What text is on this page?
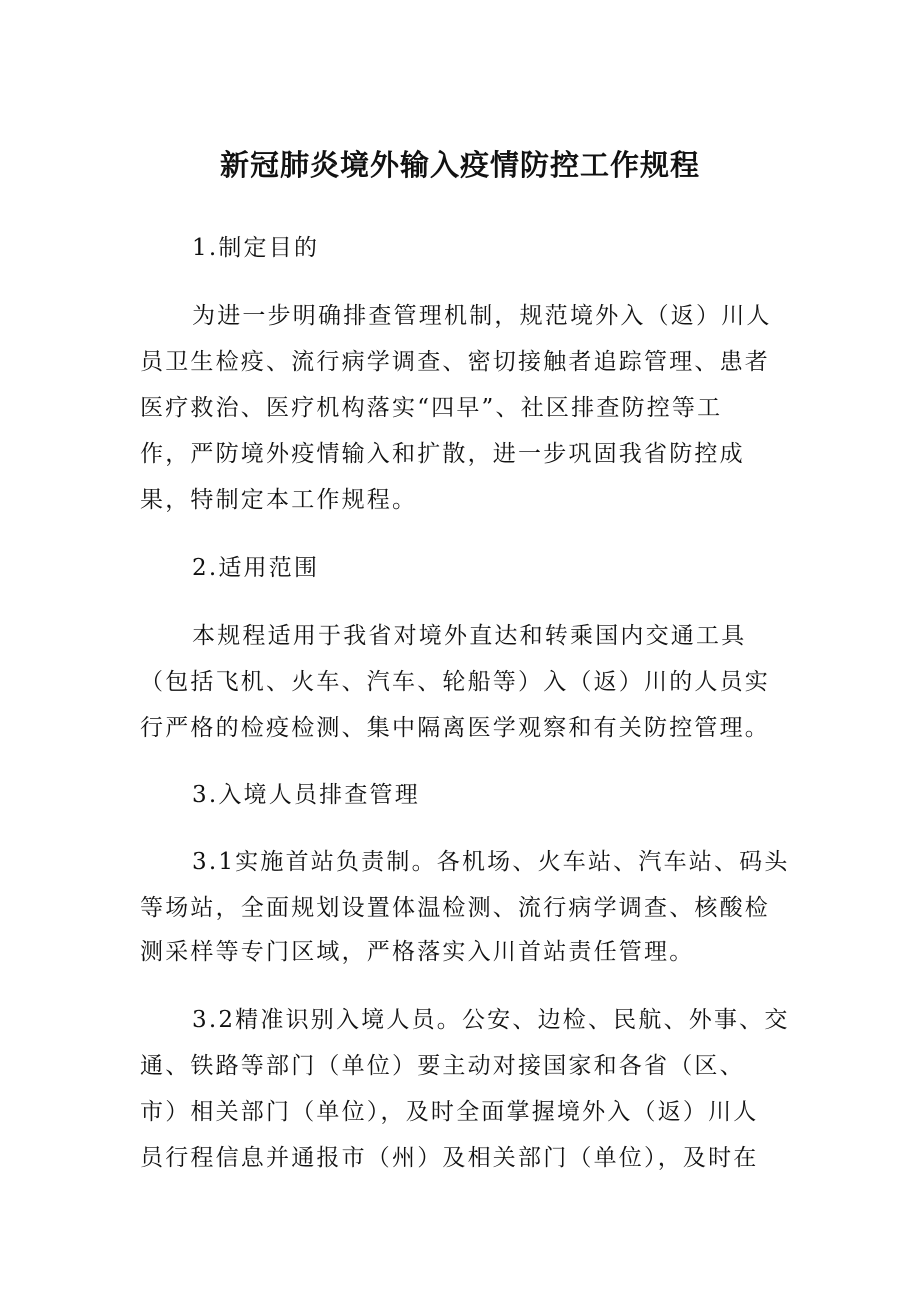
新冠肺炎境外输入疫情防控工作规程
1.制定目的
为进一步明确排查管理机制，规范境外入（返）川人
员卫生检疫、流行病学调查、密切接触者追踪管理、患者
医疗救治、医疗机构落实“四早”、社区排查防控等工
作，严防境外疫情输入和扩散，进一步巩固我省防控成
果，特制定本工作规程。
2.适用范围
本规程适用于我省对境外直达和转乘国内交通工具
（包括飞机、火车、汽车、轮船等）入（返）川的人员实
行严格的检疫检测、集中隔离医学观察和有关防控管理。
3.入境人员排查管理
3.1实施首站负责制。各机场、火车站、汽车站、码头
等场站，全面规划设置体温检测、流行病学调查、核酸检
测采样等专门区域，严格落实入川首站责任管理。
3.2精准识别入境人员。公安、边检、民航、外事、交
通、铁路等部门（单位）要主动对接国家和各省（区、
市）相关部门（单位），及时全面掌握境外入（返）川人
员行程信息并通报市（州）及相关部门（单位），及时在
